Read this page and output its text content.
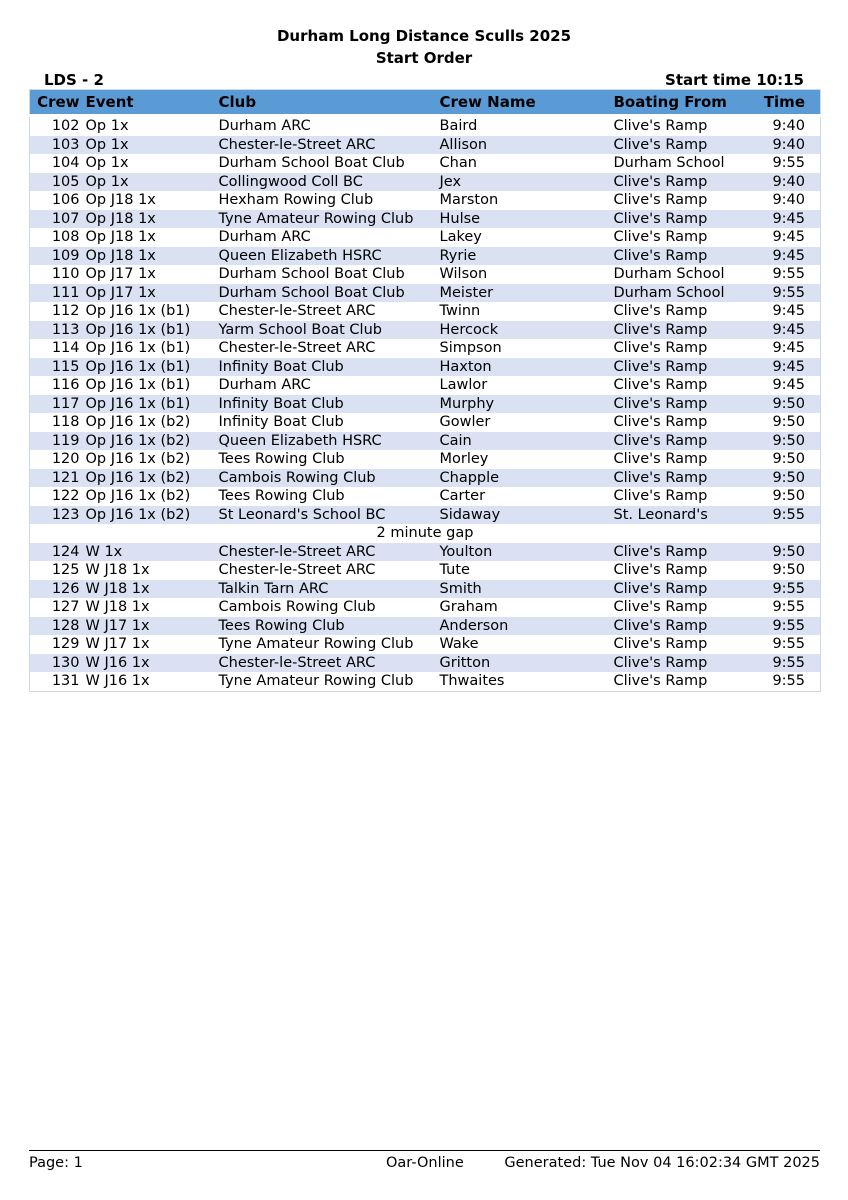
Durham Long Distance Sculls 2025
Start Order
LDS - 2	Start time 10:15
Crew	Event	Club	Crew Name	Boating From	Time
102	Op 1x	Durham ARC	Baird	Clive's Ramp	9:40
103	Op 1x	Chester-le-Street ARC	Allison	Clive's Ramp	9:40
104	Op 1x	Durham School Boat Club	Chan	Durham School	9:55
105	Op 1x	Collingwood Coll BC	Jex	Clive's Ramp	9:40
106	Op J18 1x	Hexham Rowing Club	Marston	Clive's Ramp	9:40
107	Op J18 1x	Tyne Amateur Rowing Club	Hulse	Clive's Ramp	9:45
108	Op J18 1x	Durham ARC	Lakey	Clive's Ramp	9:45
109	Op J18 1x	Queen Elizabeth HSRC	Ryrie	Clive's Ramp	9:45
110	Op J17 1x	Durham School Boat Club	Wilson	Durham School	9:55
111	Op J17 1x	Durham School Boat Club	Meister	Durham School	9:55
112	Op J16 1x (b1)	Chester-le-Street ARC	Twinn	Clive's Ramp	9:45
113	Op J16 1x (b1)	Yarm School Boat Club	Hercock	Clive's Ramp	9:45
114	Op J16 1x (b1)	Chester-le-Street ARC	Simpson	Clive's Ramp	9:45
115	Op J16 1x (b1)	Infinity Boat Club	Haxton	Clive's Ramp	9:45
116	Op J16 1x (b1)	Durham ARC	Lawlor	Clive's Ramp	9:45
117	Op J16 1x (b1)	Infinity Boat Club	Murphy	Clive's Ramp	9:50
118	Op J16 1x (b2)	Infinity Boat Club	Gowler	Clive's Ramp	9:50
119	Op J16 1x (b2)	Queen Elizabeth HSRC	Cain	Clive's Ramp	9:50
120	Op J16 1x (b2)	Tees Rowing Club	Morley	Clive's Ramp	9:50
121	Op J16 1x (b2)	Cambois Rowing Club	Chapple	Clive's Ramp	9:50
122	Op J16 1x (b2)	Tees Rowing Club	Carter	Clive's Ramp	9:50
123	Op J16 1x (b2)	St Leonard's School BC	Sidaway	St. Leonard's	9:55
2 minute gap					
124	W 1x	Chester-le-Street ARC	Youlton	Clive's Ramp	9:50
125	W J18 1x	Chester-le-Street ARC	Tute	Clive's Ramp	9:50
126	W J18 1x	Talkin Tarn ARC	Smith	Clive's Ramp	9:55
127	W J18 1x	Cambois Rowing Club	Graham	Clive's Ramp	9:55
128	W J17 1x	Tees Rowing Club	Anderson	Clive's Ramp	9:55
129	W J17 1x	Tyne Amateur Rowing Club	Wake	Clive's Ramp	9:55
130	W J16 1x	Chester-le-Street ARC	Gritton	Clive's Ramp	9:55
131	W J16 1x	Tyne Amateur Rowing Club	Thwaites	Clive's Ramp	9:55
Page: 1	Oar-Online	Generated: Tue Nov 04 16:02:34 GMT 2025
